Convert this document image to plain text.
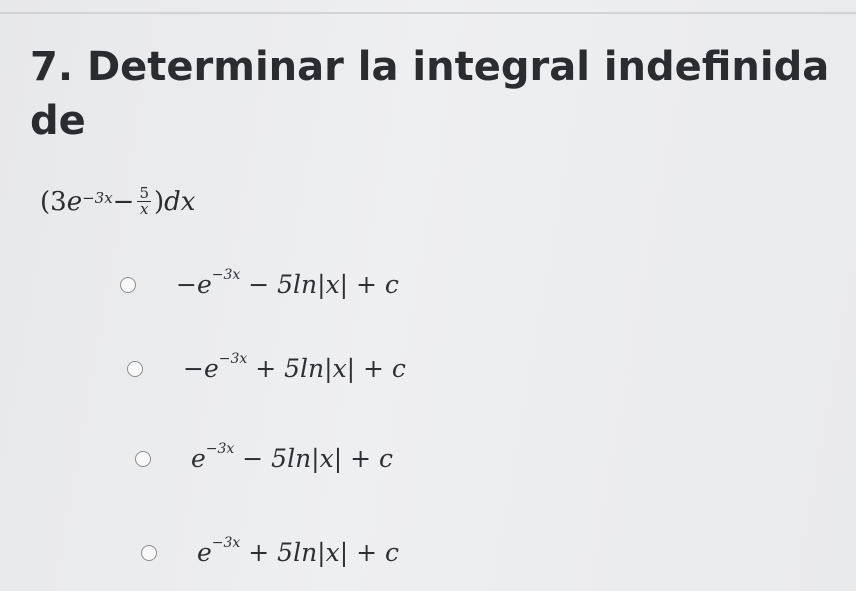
7. Determinar la integral indefinida de
(3 $e^{-3x} - \frac{5}{x}$ ) dx
$-e^{-3x} - 5\ln|x| + c$
$-e^{-3x} + 5\ln|x| + c$
$e^{-3x} - 5\ln|x| + c$
$e^{-3x} + 5\ln|x| + c$
